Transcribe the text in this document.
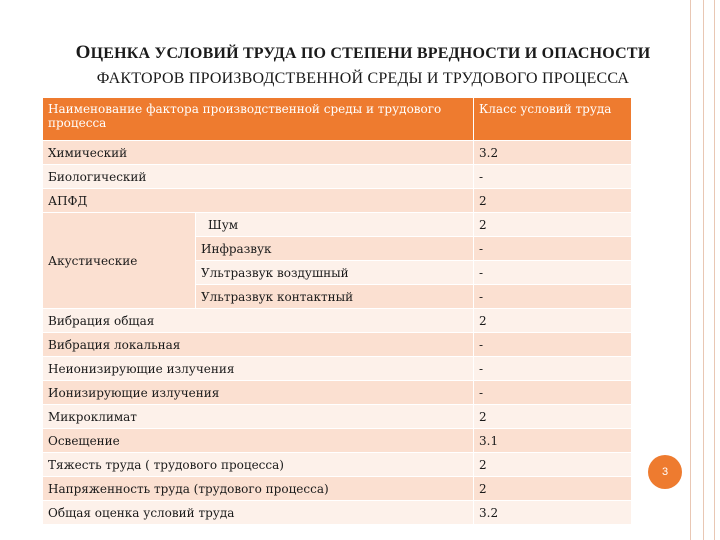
ОЦЕНКА УСЛОВИЙ ТРУДА ПО СТЕПЕНИ ВРЕДНОСТИ И ОПАСНОСТИ
ФАКТОРОВ ПРОИЗВОДСТВЕННОЙ СРЕДЫ И ТРУДОВОГО ПРОЦЕССА
Наименование фактора производственной среды и трудового процесса		Класс условий труда
Химический		3.2
Биологический		-
АПФД		2
Акустические	Шум	2
	Инфразвук	-
	Ультразвук воздушный	-
	Ультразвук контактный	-
Вибрация общая		2
Вибрация локальная		-
Неионизирующие излучения		-
Ионизирующие излучения		-
Микроклимат		2
Освещение		3.1
Тяжесть труда ( трудового процесса)		2
Напряженность труда (трудового процесса)		2
Общая оценка условий труда		3.2
3
